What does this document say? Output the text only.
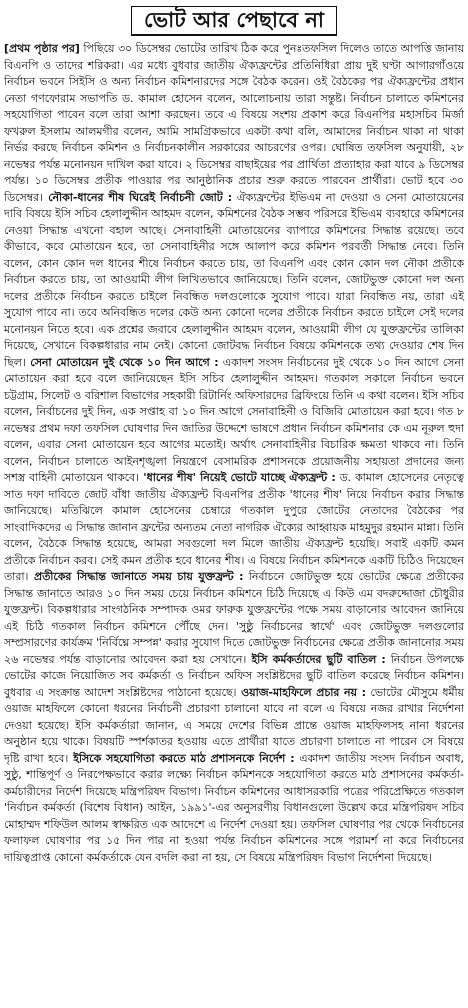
ভোট আর পেছাবে না

[প্রথম পৃষ্ঠার পর] পিছিয়ে ৩০ ডিসেম্বর ভোটের তারিখ ঠিক করে পুনঃতফসিল দিলেও তাতে আপত্তি জানায় বিএনপি ও তাদের শরিকরা। এর মধ্যে বুধবার জাতীয় ঐক্যফ্রন্টের প্রতিনিধিরা প্রায় দুই ঘণ্টা আগারগাঁওয়ে নির্বাচন ভবনে সিইসি ও অন্য নির্বাচন কমিশনারদের সঙ্গে বৈঠক করেন। ওই বৈঠকের পর ঐক্যফ্রন্টের প্রধান নেতা গণফোরাম সভাপতি ড. কামাল হোসেন বলেন, আলোচনায় তারা সন্তুষ্ট। নির্বাচন চালাতে কমিশনের সহযোগিতা পাবেন বলে তারা আশা করছেন। তবে এ বিষয়ে সংশয় প্রকাশ করে বিএনপির মহাসচিব মির্জা ফখরুল ইসলাম আলমগীর বলেন, আমি সামগ্রিকভাবে একটা কথা বলি, আমাদের নির্বাচন থাকা না থাকা নির্ভর করছে নির্বাচন কমিশন ও নির্বাচনকালীন সরকারের আচরণের ওপর। ঘোষিত তফসিল অনুযায়ী, ২৮ নভেম্বর পর্যন্ত মনোনয়ন দাখিল করা যাবে। ২ ডিসেম্বর বাছাইয়ের পর প্রার্থিতা প্রত্যাহার করা যাবে ৯ ডিসেম্বর পর্যন্ত। ১০ ডিসেম্বর প্রতীক পাওয়ার পর আনুষ্ঠানিক প্রচার শুরু করতে পারবেন প্রার্থীরা। ভোট হবে ৩০ ডিসেম্বর। নৌকা-ধানের শীষ ঘিরেই নির্বাচনী জোট : ঐক্যফ্রন্টের ইভিএম না দেওয়া ও সেনা মোতায়েনের দাবি বিষয়ে ইসি সচিব হেলালুদ্দীন আহমদ বলেন, কমিশনের বৈঠক সম্ভব পরিসরে ইভিএম ব্যবহারে কমিশনের নেওয়া সিদ্ধান্ত এখনো বহাল আছে। সেনাবাহিনী মোতায়েনের ব্যাপারে কমিশনের সিদ্ধান্ত রয়েছে। তবে কীভাবে, কবে মোতায়েন হবে, তা সেনাবাহিনীর সঙ্গে আলাপ করে কমিশন পরবর্তী সিদ্ধান্ত নেবে। তিনি বলেন, কোন কোন দল ধানের শীষে নির্বাচন করতে চায়, তা বিএনপি এবং কোন কোন দল নৌকা প্রতীকে নির্বাচন করতে চায়, তা আওয়ামী লীগ লিখিতভাবে জানিয়েছে। তিনি বলেন, জোটভুক্ত কোনো দল অন্য দলের প্রতীকে নির্বাচন করতে চাইলে নিবন্ধিত দলগুলোকে সুযোগ পাবে। যারা নিবন্ধিত নয়, তারা এই সুযোগ পাবে না। তবে অনিবন্ধিত দলের কেউ অন্য কোনো দলের প্রতীকে নির্বাচন করতে চাইলে সেই দলের মনোনয়ন নিতে হবে। এক প্রশ্নের জবাবে হেলালুদ্দীন আহমদ বলেন, আওয়ামী লীগ যে যুক্তফ্রন্টের তালিকা দিয়েছে, সেখানে বিকল্পধারার নাম নেই। কোনো জোটবদ্ধ নির্বাচন বিষয়ে কমিশনকে তথ্য দেওয়ার শেষ দিন ছিল। সেনা মোতায়েন দুই থেকে ১০ দিন আগে : একাদশ সংসদ নির্বাচনের দুই থেকে ১০ দিন আগে সেনা মোতায়েন করা হবে বলে জানিয়েছেন ইসি সচিব হেলালুদ্দীন আহমদ। গতকাল সকালে নির্বাচন ভবনে চট্টগ্রাম, সিলেট ও বরিশাল বিভাগের সহকারী রিটার্নিং অফিসারদের ব্রিফিংয়ে তিনি এ কথা বলেন। ইসি সচিব বলেন, নির্বাচনের দুই দিন, এক সপ্তাহ বা ১০ দিন আগে সেনাবাহিনী ও বিজিবি মোতায়েন করা হবে। গত ৮ নভেম্বর প্রথম দফা তফসিল ঘোষণার দিন জাতির উদ্দেশে ভাষণে প্রধান নির্বাচন কমিশনার কে এম নূরুল হুদা বলেন, এবার সেনা মোতায়েন হবে আগের মতোই। অর্থাৎ সেনাবাহিনীর বিচারিক ক্ষমতা থাকবে না। তিনি বলেন, নির্বাচন চালাতে আইনশৃঙ্খলা নিয়ন্ত্রণে বেসামরিক প্রশাসনকে প্রয়োজনীয় সহায়তা প্রদানের জন্য সশস্ত্র বাহিনী মোতায়েন থাকবে। 'ধানের শীষ' নিয়েই ভোটে যাচ্ছে ঐক্যফ্রন্ট : ড. কামাল হোসেনের নেতৃত্বে সাত দফা দাবিতে জোট বাঁধা জাতীয় ঐক্যফ্রন্ট বিএনপির প্রতীক 'ধানের শীষ' নিয়ে নির্বাচন করার সিদ্ধান্ত জানিয়েছে। মতিঝিলে কামাল হোসেনের চেম্বারে গতকাল দুপুরে জোটের নেতাদের বৈঠকের পর সাংবাদিকদের এ সিদ্ধান্ত জানান ফ্রন্টের অন্যতম নেতা নাগরিক ঐক্যের আহ্বায়ক মাহমুদুর রহমান মান্না। তিনি বলেন, বৈঠকে সিদ্ধান্ত হয়েছে, আমরা সবগুলো দল মিলে জাতীয় ঐক্যফ্রন্ট হয়েছি। সবাই একটি কমন প্রতীকে নির্বাচন করব। সেই কমন প্রতীক হবে ধানের শীষ। এ বিষয়ে নির্বাচন কমিশনকে একটি চিঠিও দিয়েছেন তারা। প্রতীকের সিদ্ধান্ত জানাতে সময় চায় যুক্তফ্রন্ট : নির্বাচনে জোটভুক্ত হয়ে ভোটের ক্ষেত্রে প্রতীকের সিদ্ধান্ত জানাতে আরও ১০ দিন সময় চেয়ে নির্বাচন কমিশনে চিঠি দিয়েছে এ কিউ এম বদরুদ্দোজা চৌধুরীর যুক্তফ্রন্ট। বিকল্পধারার সাংগঠনিক সম্পাদক ওমর ফারুক যুক্তফ্রন্টের পক্ষে সময় বাড়ানোর আবেদন জানিয়ে এই চিঠি গতকাল নির্বাচন কমিশনে পৌঁছে দেন। 'সুষ্ঠু নির্বাচনের স্বার্থে' এবং জোটভুক্ত দলগুলোর সম্প্রসারণের কার্যক্রম 'নির্বিঘ্নে সম্পন্ন' করার সুযোগ দিতে জোটভুক্ত নির্বাচনের ক্ষেত্রে প্রতীক জানানোর সময় ২৬ নভেম্বর পর্যন্ত বাড়ানোর আবেদন করা হয় সেখানে। ইসি কর্মকর্তাদের ছুটি বাতিল : নির্বাচন উপলক্ষে ভোটের কাজে নিয়োজিত সব কর্মকর্তা ও নির্বাচন অফিস সংশ্লিষ্টদের ছুটি বাতিল করেছে নির্বাচন কমিশন। বুধবার এ সংক্রান্ত আদেশ সংশ্লিষ্টদের পাঠানো হয়েছে। ওয়াজ-মাহফিলে প্রচার নয় : ভোটের মৌসুমে ধর্মীয় ওয়াজ মাহফিলে কোনো ধরনের নির্বাচনী প্রচারণা চালানো যাবে না বলে এ বিষয়ে নজর রাখার নির্দেশনা দেওয়া হয়েছে। ইসি কর্মকর্তারা জানান, এ সময়ে দেশের বিভিন্ন প্রান্তে ওয়াজ মাহফিলসহ নানা ধরনের অনুষ্ঠান হয়ে থাকে। বিষয়টি স্পর্শকাতর হওয়ায় এতে প্রার্থীরা যাতে প্রচারণা চালাতে না পারেন সে বিষয়ে দৃষ্টি রাখা হবে। ইসিকে সহযোগিতা করতে মাঠ প্রশাসনকে নির্দেশ : একাদশ জাতীয় সংসদ নির্বাচন অবাধ, সুষ্ঠু, শান্তিপূর্ণ ও নিরপেক্ষভাবে করার লক্ষ্যে নির্বাচন কমিশনকে সহযোগিতা করতে মাঠ প্রশাসনের কর্মকর্তা-কর্মচারীদের নির্দেশ দিয়েছে মন্ত্রিপরিষদ বিভাগ। নির্বাচন কমিশনের আধাসরকারি পত্রের পরিপ্রেক্ষিতে গতকাল 'নির্বাচন কর্মকর্তা (বিশেষ বিধান) আইন, ১৯৯১'-এর অনুসরণীয় বিধানগুলো উল্লেখ করে মন্ত্রিপরিষদ সচিব মোহাম্মদ শফিউল আলম স্বাক্ষরিত এক আদেশে এ নির্দেশ দেওয়া হয়। তফসিল ঘোষণার পর থেকে নির্বাচনের ফলাফল ঘোষণার পর ১৫ দিন পার না হওয়া পর্যন্ত নির্বাচন কমিশনের সঙ্গে পরামর্শ না করে নির্বাচনের দায়িত্বপ্রাপ্ত কোনো কর্মকর্তাকে যেন বদলি করা না হয়, সে বিষয়ে মন্ত্রিপরিষদ বিভাগ নির্দেশনা দিয়েছে।
